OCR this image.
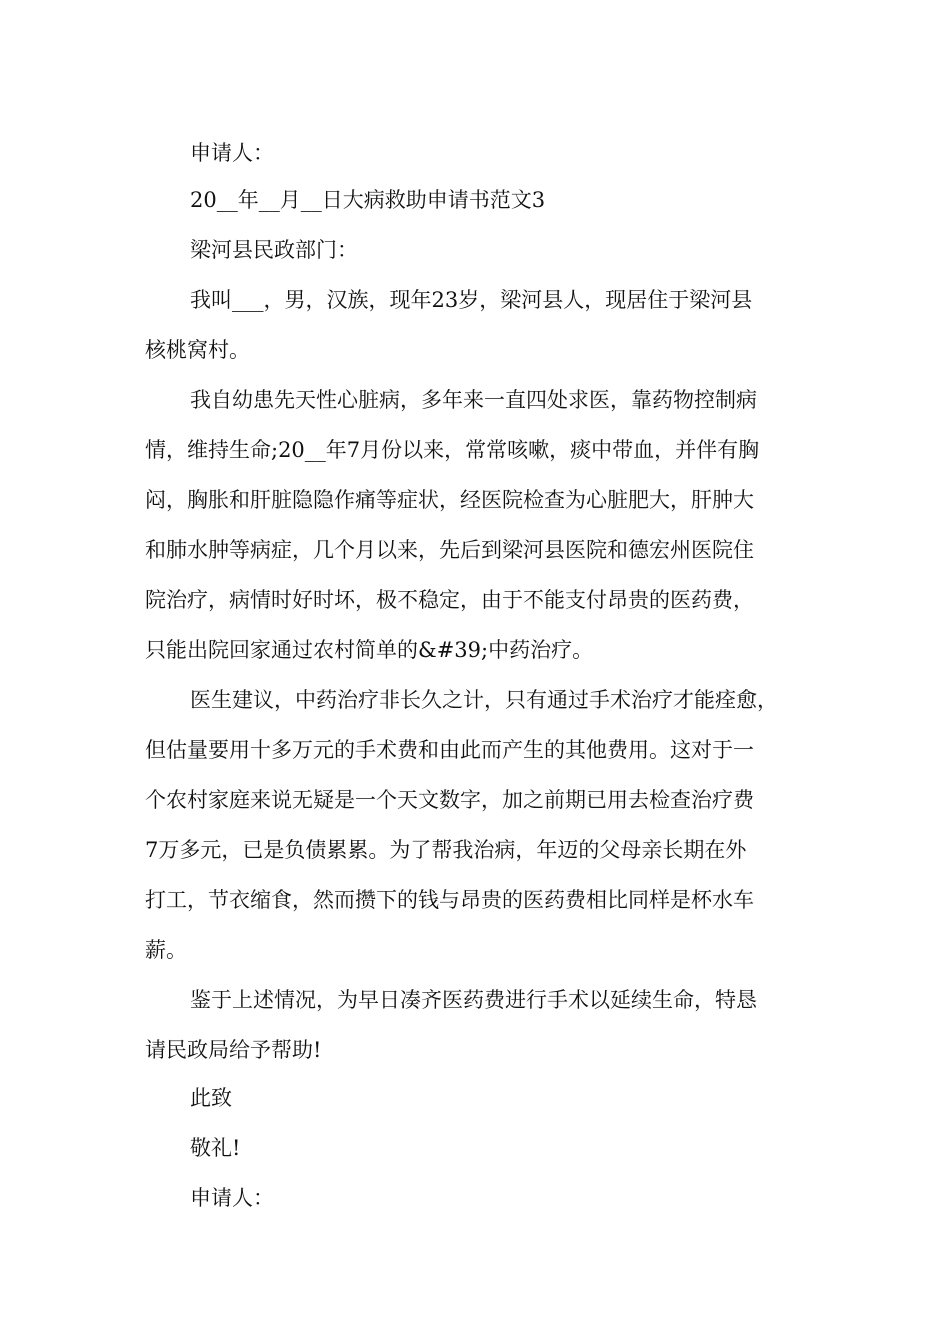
申请人：
20__年__月__日大病救助申请书范文3
梁河县民政部门：
我叫___，男，汉族，现年23岁，梁河县人，现居住于梁河县
核桃窝村。
我自幼患先天性心脏病，多年来一直四处求医，靠药物控制病
情，维持生命;20__年7月份以来，常常咳嗽，痰中带血，并伴有胸
闷，胸胀和肝脏隐隐作痛等症状，经医院检查为心脏肥大，肝肿大
和肺水肿等病症，几个月以来，先后到梁河县医院和德宏州医院住
院治疗，病情时好时坏，极不稳定，由于不能支付昂贵的医药费，
只能出院回家通过农村简单的&#39;中药治疗。
医生建议，中药治疗非长久之计，只有通过手术治疗才能痊愈，
但估量要用十多万元的手术费和由此而产生的其他费用。这对于一
个农村家庭来说无疑是一个天文数字，加之前期已用去检查治疗费
7万多元，已是负债累累。为了帮我治病，年迈的父母亲长期在外
打工，节衣缩食，然而攒下的钱与昂贵的医药费相比同样是杯水车
薪。
鉴于上述情况，为早日凑齐医药费进行手术以延续生命，特恳
请民政局给予帮助!
此致
敬礼!
申请人：
